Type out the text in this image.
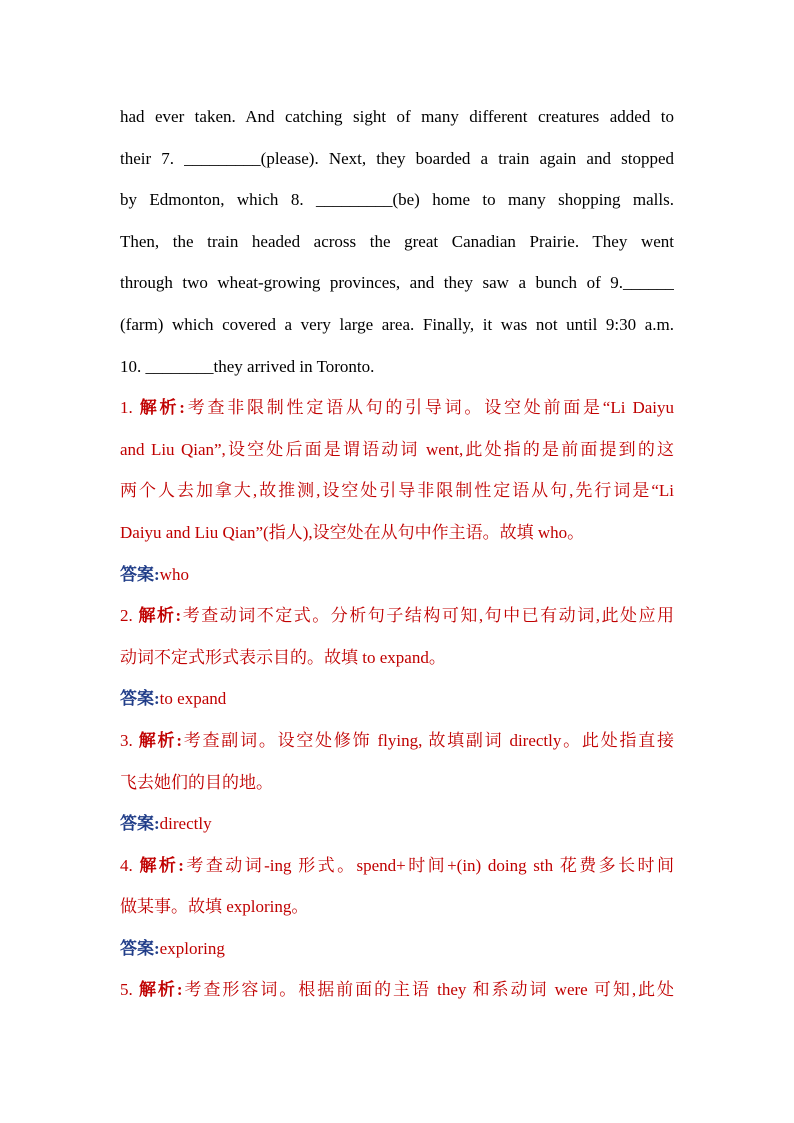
had ever taken. And catching sight of many different creatures added to
their 7. _________(please). Next, they boarded a train again and stopped
by Edmonton, which 8. _________(be) home to many shopping malls.
Then, the train headed across the great Canadian Prairie. They went
through two wheat-growing provinces, and they saw a bunch of 9.______
(farm) which covered a very large area. Finally, it was not until 9:30 a.m.
10. ________they arrived in Toronto.
1. 解析:考查非限制性定语从句的引导词。设空处前面是“Li Daiyu
and Liu Qian”,设空处后面是谓语动词 went,此处指的是前面提到的这
两个人去加拿大,故推测,设空处引导非限制性定语从句,先行词是“Li
Daiyu and Liu Qian”(指人),设空处在从句中作主语。故填 who。
答案:who
2. 解析:考查动词不定式。分析句子结构可知,句中已有动词,此处应用
动词不定式形式表示目的。故填 to expand。
答案:to expand
3. 解析:考查副词。设空处修饰 flying, 故填副词 directly。此处指直接
飞去她们的目的地。
答案:directly
4. 解析:考查动词-ing 形式。spend+时间+(in) doing sth 花费多长时间
做某事。故填 exploring。
答案:exploring
5. 解析:考查形容词。根据前面的主语 they 和系动词 were 可知,此处
